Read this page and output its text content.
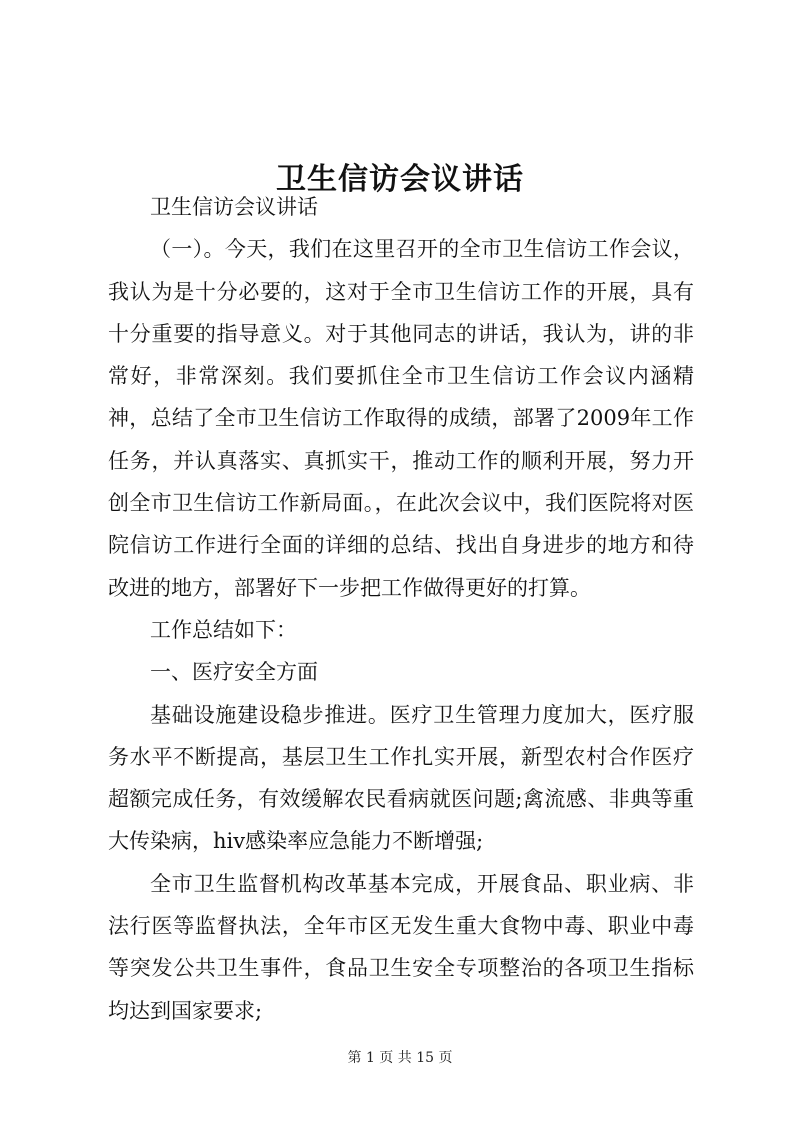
卫生信访会议讲话

卫生信访会议讲话

（一）。今天，我们在这里召开的全市卫生信访工作会议，我认为是十分必要的，这对于全市卫生信访工作的开展，具有十分重要的指导意义。对于其他同志的讲话，我认为，讲的非常好，非常深刻。我们要抓住全市卫生信访工作会议内涵精神，总结了全市卫生信访工作取得的成绩，部署了2009年工作任务，并认真落实、真抓实干，推动工作的顺利开展，努力开创全市卫生信访工作新局面。，在此次会议中，我们医院将对医院信访工作进行全面的详细的总结、找出自身进步的地方和待改进的地方，部署好下一步把工作做得更好的打算。

工作总结如下：

一、医疗安全方面

基础设施建设稳步推进。医疗卫生管理力度加大，医疗服务水平不断提高，基层卫生工作扎实开展，新型农村合作医疗超额完成任务，有效缓解农民看病就医问题;禽流感、非典等重大传染病，hiv感染率应急能力不断增强;

全市卫生监督机构改革基本完成，开展食品、职业病、非法行医等监督执法，全年市区无发生重大食物中毒、职业中毒等突发公共卫生事件，食品卫生安全专项整治的各项卫生指标均达到国家要求;

第 1 页 共 15 页
